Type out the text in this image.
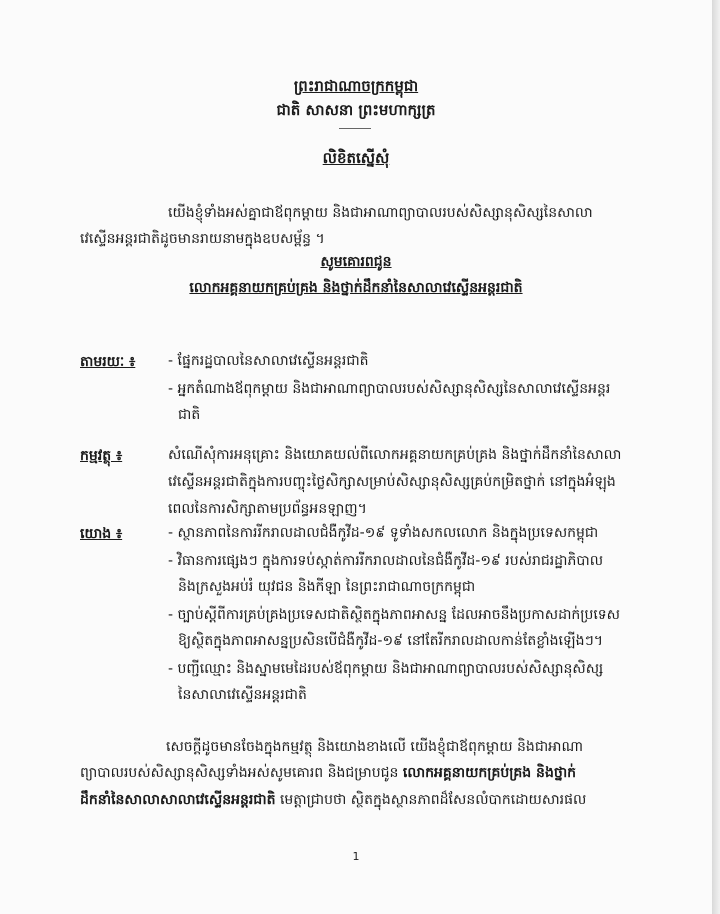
ព្រះរាជាណាចក្រកម្ពុជា
ជាតិ សាសនា ព្រះមហាក្សត្រ
លិខិតស្នើសុំ
យើងខ្ញុំទាំងអស់គ្នាជាឪពុកម្តាយ និងជាអាណាព្យាបាលរបស់សិស្សានុសិស្សនៃសាលា
វេស្ទើនអន្តរជាតិដូចមានរាយនាមក្នុងឧបសម្ព័ន្ធ ។
សូមគោរពជូន
លោកអគ្គនាយកគ្រប់គ្រង និងថ្នាក់ដឹកនាំនៃសាលាវេស្ទើនអន្តរជាតិ
តាមរយៈ ៖ - ផ្នែករដ្ឋបាលនៃសាលាវេស្ទើនអន្តរជាតិ
- អ្នកតំណាងឪពុកម្តាយ និងជាអាណាព្យាបាលរបស់សិស្សានុសិស្សនៃសាលាវេស្ទើនអន្តរ
ជាតិ
កម្មវត្ថុ ៖	សំណើសុំការអនុគ្រោះ និងយោគយល់ពីលោកអគ្គនាយកគ្រប់គ្រង និងថ្នាក់ដឹកនាំនៃសាលា
វេស្ទើនអន្តរជាតិក្នុងការបញ្ចុះថ្លៃសិក្សាសម្រាប់សិស្សានុសិស្សគ្រប់កម្រិតថ្នាក់ នៅក្នុងអំឡុង
ពេលនៃការសិក្សាតាមប្រព័ន្ធអនឡាញ។
យោង ៖	- ស្ថានភាពនៃការរីករាលដាលជំងឺកូវីដ-១៩ ទូទាំងសកលលោក និងក្នុងប្រទេសកម្ពុជា
- វិធានការផ្សេងៗ ក្នុងការទប់ស្កាត់ការរីករាលដាលនៃជំងឺកូវីដ-១៩ របស់រាជរដ្ឋាភិបាល
និងក្រសួងអប់រំ យុវជន និងកីឡា នៃព្រះរាជាណាចក្រកម្ពុជា
- ច្បាប់ស្តីពីការគ្រប់គ្រងប្រទេសជាតិស្ថិតក្នុងភាពអាសន្ន ដែលអាចនឹងប្រកាសដាក់ប្រទេស
ឱ្យស្ថិតក្នុងភាពអាសន្នប្រសិនបើជំងឺកូវីដ-១៩ នៅតែរីករាលដាលកាន់តែខ្លាំងឡើងៗ។
- បញ្ជីឈ្មោះ និងស្នាមមេដៃរបស់ឪពុកម្តាយ និងជាអាណាព្យាបាលរបស់សិស្សានុសិស្ស
នៃសាលាវេស្ទើនអន្តរជាតិ
សេចក្តីដូចមានចែងក្នុងកម្មវត្ថុ និងយោងខាងលើ យើងខ្ញុំជាឪពុកម្តាយ និងជាអាណា
ព្យាបាលរបស់សិស្សានុសិស្សទាំងអស់សូមគោរព និងជម្រាបជូន លោកអគ្គនាយកគ្រប់គ្រង និងថ្នាក់
ដឹកនាំនៃសាលាសាលាវេស្ទើនអន្តរជាតិ មេត្តាជ្រាបថា ស្ថិតក្នុងស្ថានភាពដ៏សែនលំបាកដោយសារផល
1
